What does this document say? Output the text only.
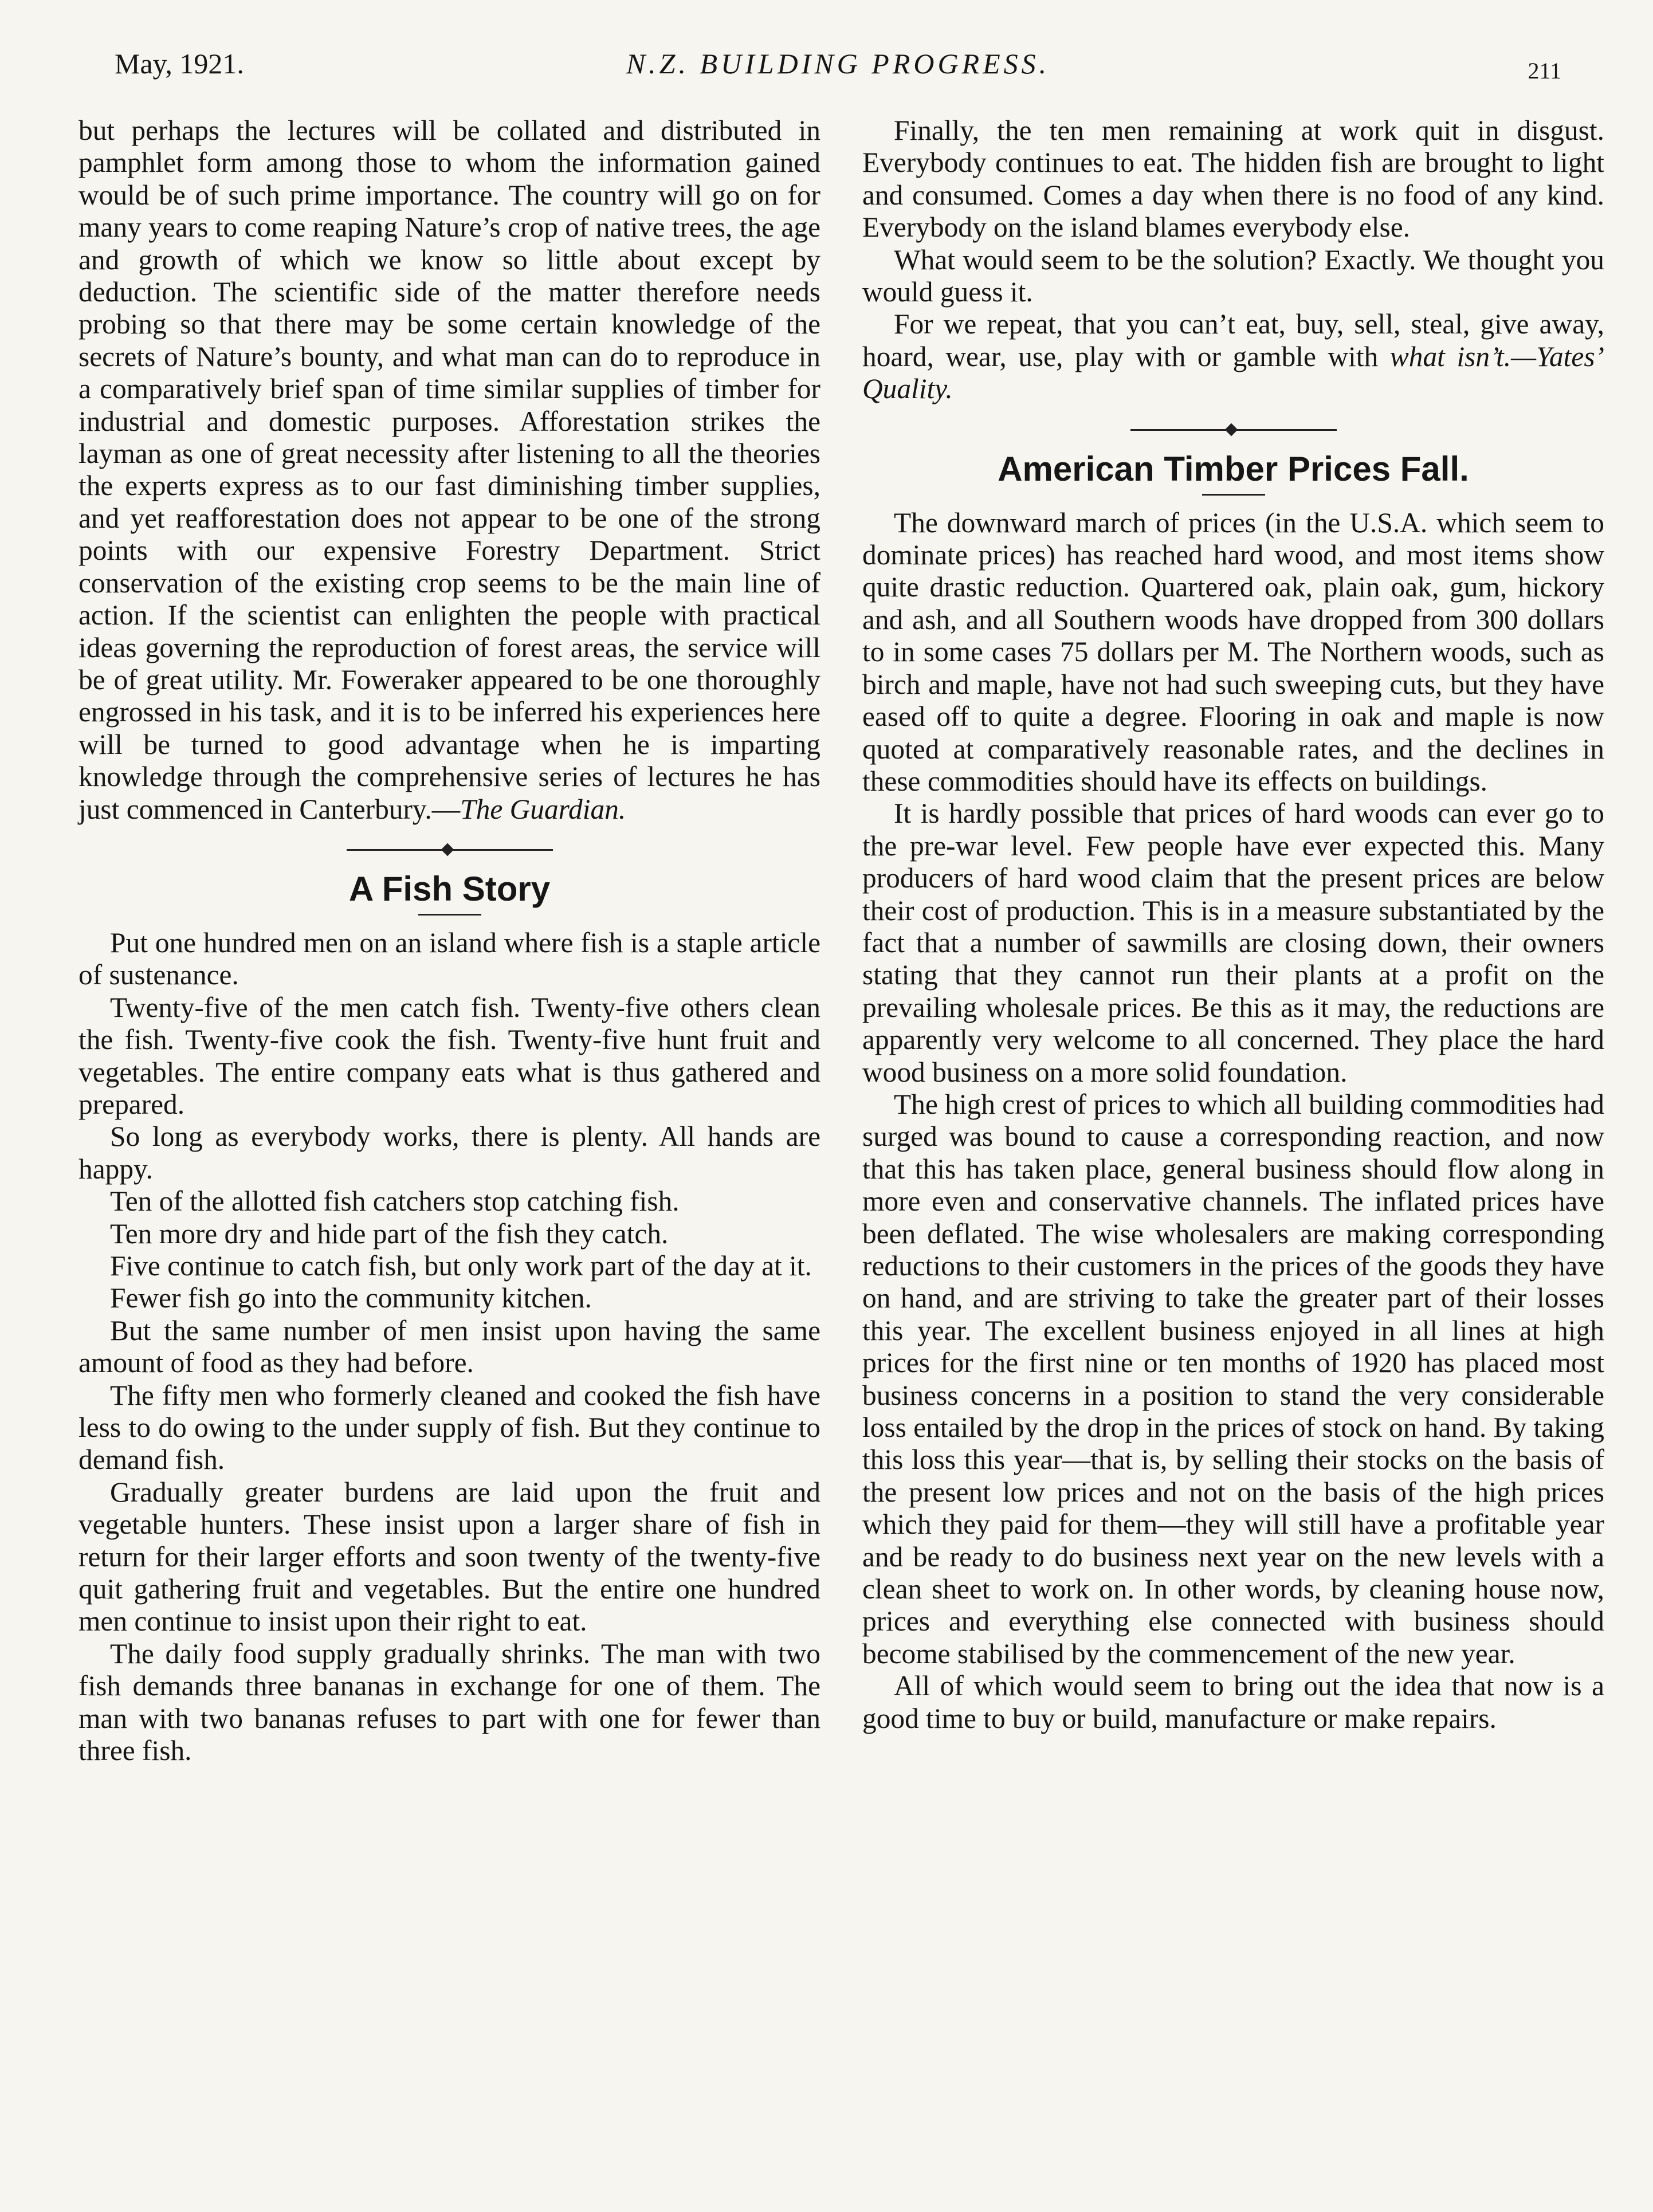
May, 1921.	N.Z. BUILDING PROGRESS.	211

but perhaps the lectures will be collated and distributed in pamphlet form among those to whom the information gained would be of such prime importance. The country will go on for many years to come reaping Nature’s crop of native trees, the age and growth of which we know so little about except by deduction. The scientific side of the matter therefore needs probing so that there may be some certain knowledge of the secrets of Nature’s bounty, and what man can do to reproduce in a comparatively brief span of time similar supplies of timber for industrial and domestic purposes. Afforestation strikes the layman as one of great necessity after listening to all the theories the experts express as to our fast diminishing timber supplies, and yet reafforestation does not appear to be one of the strong points with our expensive Forestry Department. Strict conservation of the existing crop seems to be the main line of action. If the scientist can enlighten the people with practical ideas governing the reproduction of forest areas, the service will be of great utility. Mr. Foweraker appeared to be one thoroughly engrossed in his task, and it is to be inferred his experiences here will be turned to good advantage when he is imparting knowledge through the comprehensive series of lectures he has just commenced in Canterbury.—The Guardian.

A Fish Story

Put one hundred men on an island where fish is a staple article of sustenance.

Twenty-five of the men catch fish. Twenty-five others clean the fish. Twenty-five cook the fish. Twenty-five hunt fruit and vegetables. The entire company eats what is thus gathered and prepared.

So long as everybody works, there is plenty. All hands are happy.

Ten of the allotted fish catchers stop catching fish.

Ten more dry and hide part of the fish they catch.

Five continue to catch fish, but only work part of the day at it.

Fewer fish go into the community kitchen.

But the same number of men insist upon having the same amount of food as they had before.

The fifty men who formerly cleaned and cooked the fish have less to do owing to the under supply of fish. But they continue to demand fish.

Gradually greater burdens are laid upon the fruit and vegetable hunters. These insist upon a larger share of fish in return for their larger efforts and soon twenty of the twenty-five quit gathering fruit and vegetables. But the entire one hundred men continue to insist upon their right to eat.

The daily food supply gradually shrinks. The man with two fish demands three bananas in exchange for one of them. The man with two bananas refuses to part with one for fewer than three fish.

Finally, the ten men remaining at work quit in disgust. Everybody continues to eat. The hidden fish are brought to light and consumed. Comes a day when there is no food of any kind. Everybody on the island blames everybody else.

What would seem to be the solution? Exactly. We thought you would guess it.

For we repeat, that you can’t eat, buy, sell, steal, give away, hoard, wear, use, play with or gamble with what isn’t.—Yates’ Quality.

American Timber Prices Fall.

The downward march of prices (in the U.S.A. which seem to dominate prices) has reached hard wood, and most items show quite drastic reduction. Quartered oak, plain oak, gum, hickory and ash, and all Southern woods have dropped from 300 dollars to in some cases 75 dollars per M. The Northern woods, such as birch and maple, have not had such sweeping cuts, but they have eased off to quite a degree. Flooring in oak and maple is now quoted at comparatively reasonable rates, and the declines in these commodities should have its effects on buildings.

It is hardly possible that prices of hard woods can ever go to the pre-war level. Few people have ever expected this. Many producers of hard wood claim that the present prices are below their cost of production. This is in a measure substantiated by the fact that a number of sawmills are closing down, their owners stating that they cannot run their plants at a profit on the prevailing wholesale prices. Be this as it may, the reductions are apparently very welcome to all concerned. They place the hard wood business on a more solid foundation.

The high crest of prices to which all building commodities had surged was bound to cause a corresponding reaction, and now that this has taken place, general business should flow along in more even and conservative channels. The inflated prices have been deflated. The wise wholesalers are making corresponding reductions to their customers in the prices of the goods they have on hand, and are striving to take the greater part of their losses this year. The excellent business enjoyed in all lines at high prices for the first nine or ten months of 1920 has placed most business concerns in a position to stand the very considerable loss entailed by the drop in the prices of stock on hand. By taking this loss this year—that is, by selling their stocks on the basis of the present low prices and not on the basis of the high prices which they paid for them—they will still have a profitable year and be ready to do business next year on the new levels with a clean sheet to work on. In other words, by cleaning house now, prices and everything else connected with business should become stabilised by the commencement of the new year.

All of which would seem to bring out the idea that now is a good time to buy or build, manufacture or make repairs.
